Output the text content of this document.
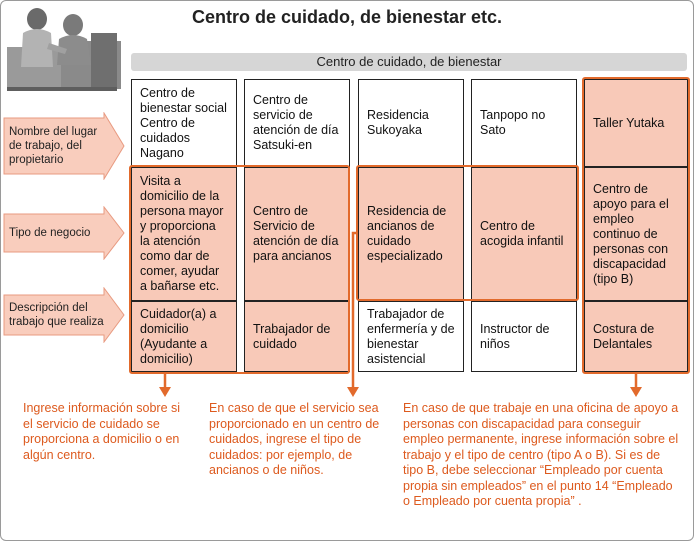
Centro de cuidado, de bienestar etc.
Centro de cuidado, de bienestar
Nombre del lugar de trabajo, del propietario
Tipo de negocio
Descripción del trabajo que realiza
Centro de bienestar social Centro de cuidados Nagano
Visita a domicilio de la persona mayor y proporciona la atención como dar de comer, ayudar a bañarse etc.
Cuidador(a) a domicilio (Ayudante a domicilio)
Centro de servicio de atención de día Satsuki-en
Centro de Servicio de atención de día para ancianos
Trabajador de cuidado
Residencia Sukoyaka
Residencia de ancianos de cuidado especializado
Trabajador de enfermería y de bienestar asistencial
Tanpopo no Sato
Centro de acogida infantil
Instructor de niños
Taller Yutaka
Centro de apoyo para el empleo continuo de personas con discapacidad (tipo B)
Costura de Delantales
Ingrese información sobre si el servicio de cuidado se proporciona a domicilio o en algún centro.
En caso de que el servicio sea proporcionado en un centro de cuidados, ingrese el tipo de cuidados: por ejemplo, de ancianos o de niños.
En caso de que trabaje en una oficina de apoyo a personas con discapacidad para conseguir empleo permanente, ingrese información sobre el trabajo y el tipo de centro (tipo A o B). Si es de tipo B, debe seleccionar “Empleado por cuenta propia sin empleados” en el punto 14 “Empleado o Empleado por cuenta propia” .
